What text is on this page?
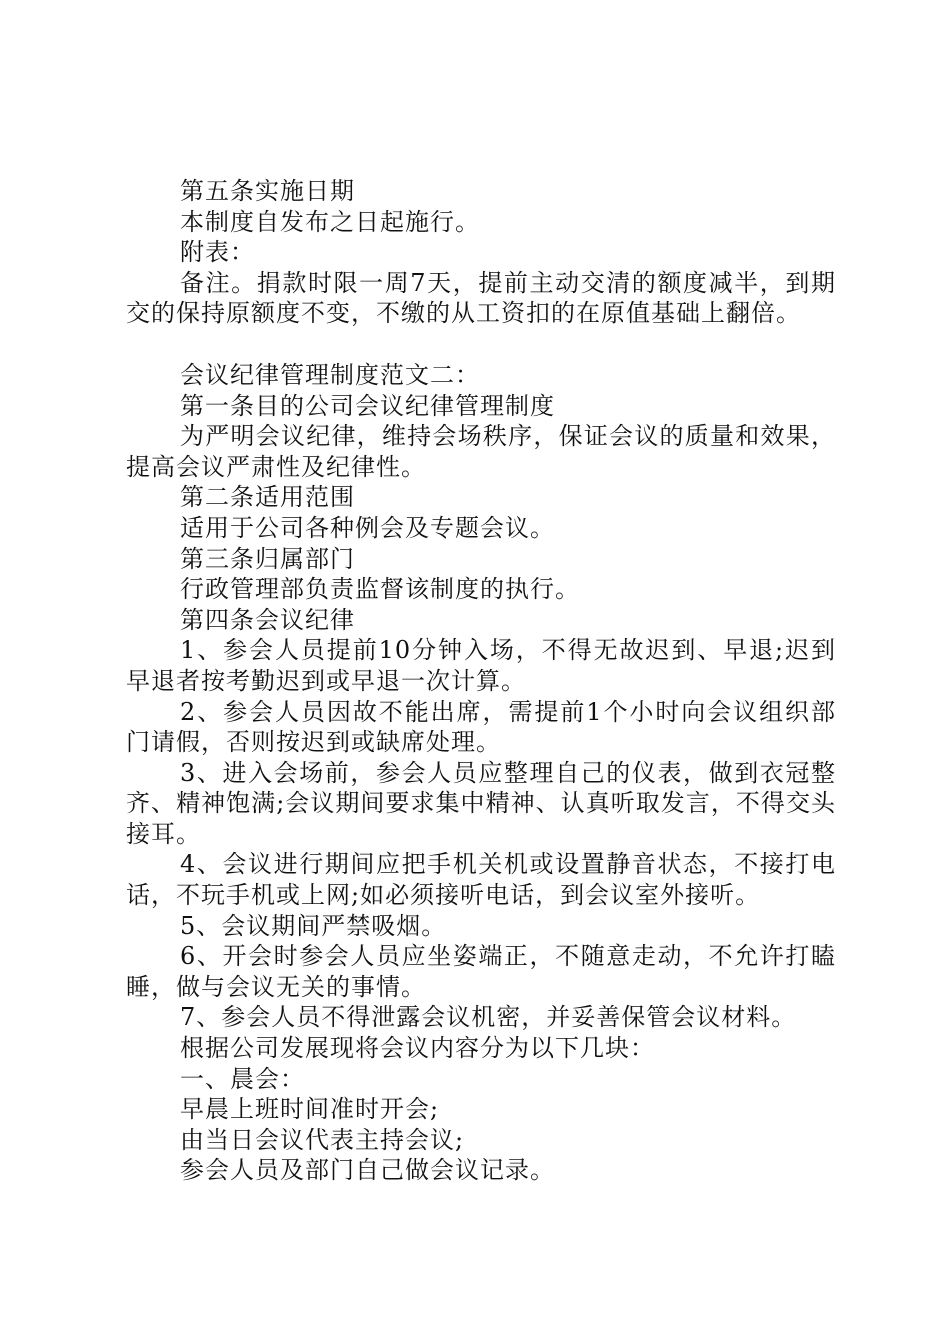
第五条实施日期

本制度自发布之日起施行。

附表：

备注。捐款时限一周7天，提前主动交清的额度减半，到期交的保持原额度不变，不缴的从工资扣的在原值基础上翻倍。

会议纪律管理制度范文二：

第一条目的公司会议纪律管理制度

为严明会议纪律，维持会场秩序，保证会议的质量和效果，提高会议严肃性及纪律性。

第二条适用范围

适用于公司各种例会及专题会议。

第三条归属部门

行政管理部负责监督该制度的执行。

第四条会议纪律

1、参会人员提前10分钟入场，不得无故迟到、早退;迟到早退者按考勤迟到或早退一次计算。

2、参会人员因故不能出席，需提前1个小时向会议组织部门请假，否则按迟到或缺席处理。

3、进入会场前，参会人员应整理自己的仪表，做到衣冠整齐、精神饱满;会议期间要求集中精神、认真听取发言，不得交头接耳。

4、会议进行期间应把手机关机或设置静音状态，不接打电话，不玩手机或上网;如必须接听电话，到会议室外接听。

5、会议期间严禁吸烟。

6、开会时参会人员应坐姿端正，不随意走动，不允许打瞌睡，做与会议无关的事情。

7、参会人员不得泄露会议机密，并妥善保管会议材料。

根据公司发展现将会议内容分为以下几块：

一、晨会：

早晨上班时间准时开会;

由当日会议代表主持会议;

参会人员及部门自己做会议记录。
